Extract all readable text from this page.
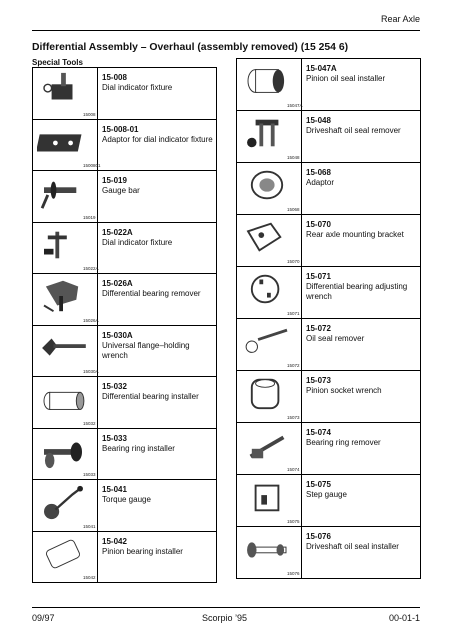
Rear Axle
Differential Assembly – Overhaul (assembly removed) (15 254 6)
Special Tools
15008
15-008
Dial indicator fixture
1500801
15-008-01
Adaptor for dial indicator fixture
15019
15-019
Gauge bar
15022A
15-022A
Dial indicator fixture
15026A
15-026A
Differential bearing remover
15030A
15-030A
Universal flange–holding wrench
15032
15-032
Differential bearing installer
15033
15-033
Bearing ring installer
15041
15-041
Torque gauge
15042
15-042
Pinion bearing installer
15047A
15-047A
Pinion oil seal installer
15048
15-048
Driveshaft oil seal remover
15068
15-068
Adaptor
15070
15-070
Rear axle mounting bracket
15071
15-071
Differential bearing adjusting wrench
15072
15-072
Oil seal remover
15073
15-073
Pinion socket wrench
15074
15-074
Bearing ring remover
15075
15-075
Step gauge
15076
15-076
Driveshaft oil seal installer
09/97	Scorpio ’95	00-01-1
